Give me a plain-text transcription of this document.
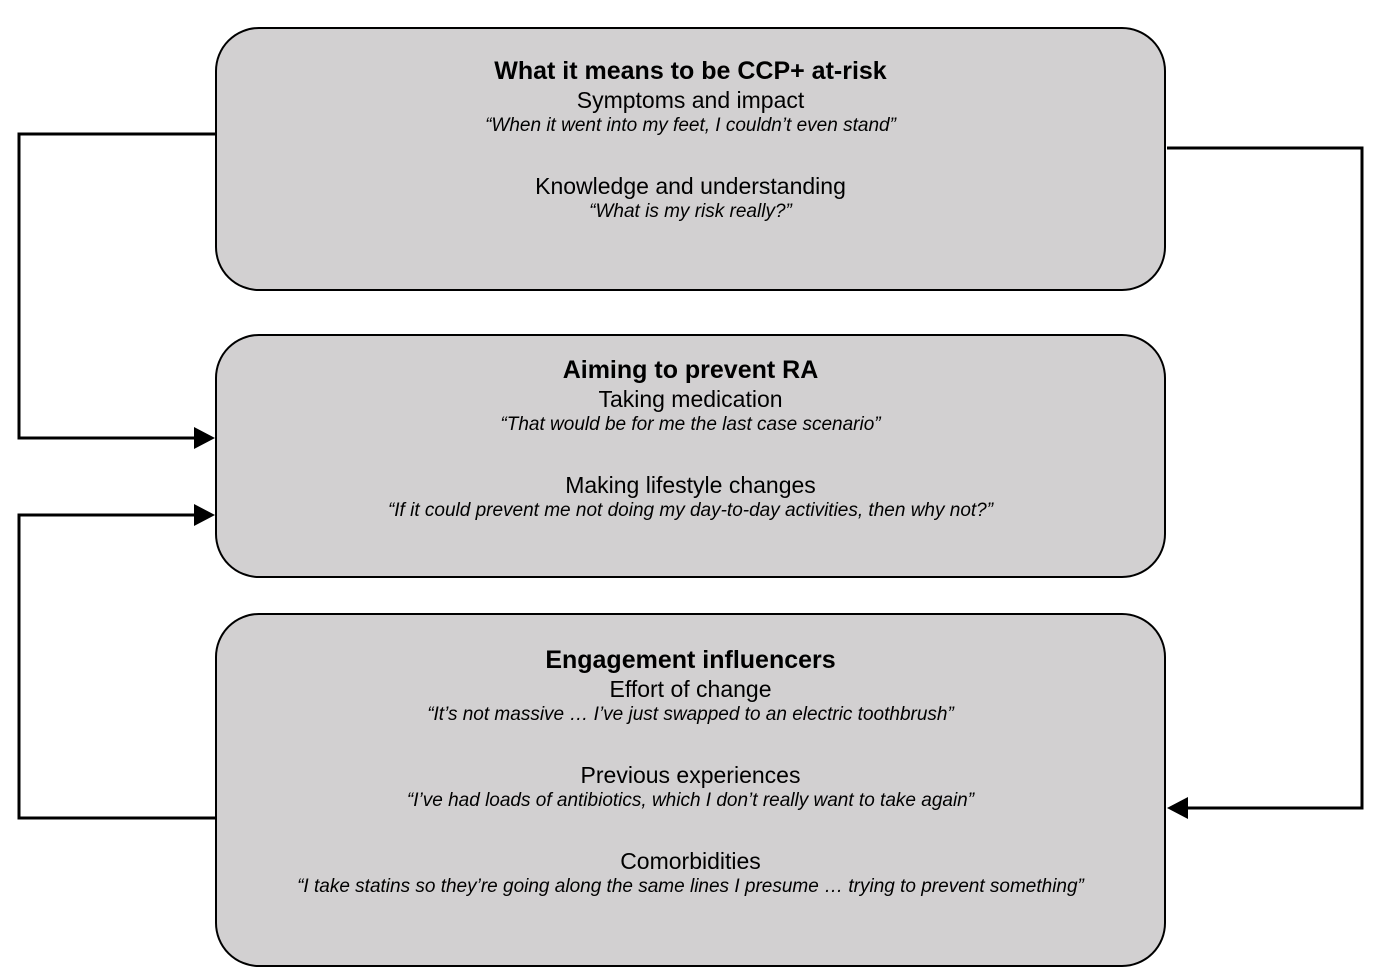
What it means to be CCP+ at-risk
Symptoms and impact
“When it went into my feet, I couldn’t even stand”
Knowledge and understanding
“What is my risk really?”
Aiming to prevent RA
Taking medication
“That would be for me the last case scenario”
Making lifestyle changes
“If it could prevent me not doing my day-to-day activities, then why not?”
Engagement influencers
Effort of change
“It’s not massive … I’ve just swapped to an electric toothbrush”
Previous experiences
“I’ve had loads of antibiotics, which I don’t really want to take again”
Comorbidities
“I take statins so they’re going along the same lines I presume … trying to prevent something”
